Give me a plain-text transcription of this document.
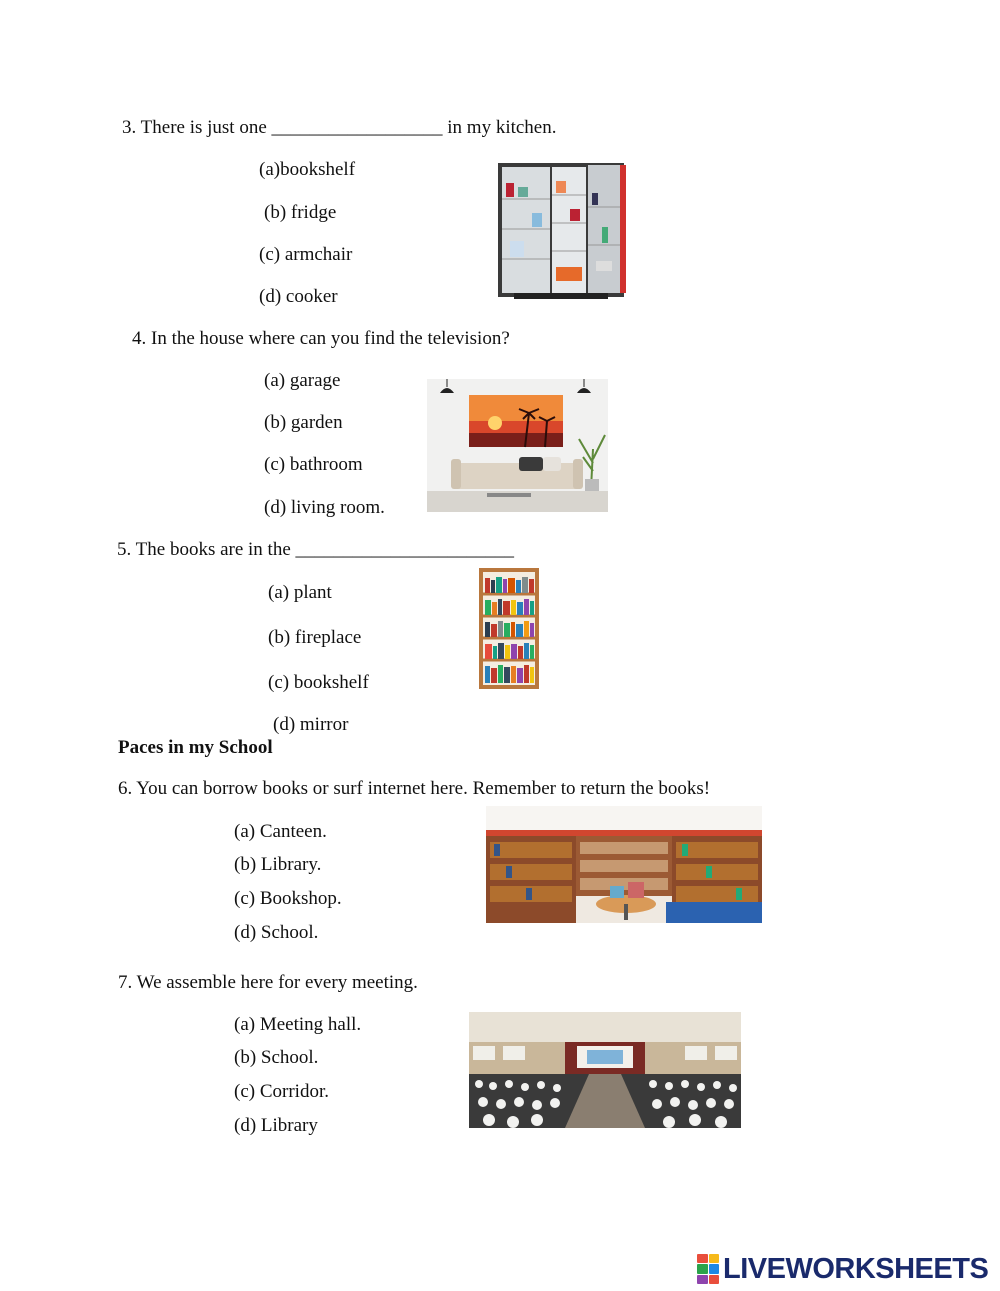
3. There is just one __________________ in my kitchen.
(a)bookshelf
(b) fridge
(c) armchair
(d) cooker
4. In the house where can you find the television?
(a) garage
(b) garden
(c) bathroom
(d) living room.
5. The books are in the _______________________
(a) plant
(b) fireplace
(c) bookshelf
(d) mirror
Paces in my School
6. You can borrow books or surf internet here. Remember to return the books!
(a) Canteen.
(b) Library.
(c) Bookshop.
(d) School.
7. We assemble here for every meeting.
(a) Meeting hall.
(b) School.
(c) Corridor.
(d) Library
LIVEWORKSHEETS
